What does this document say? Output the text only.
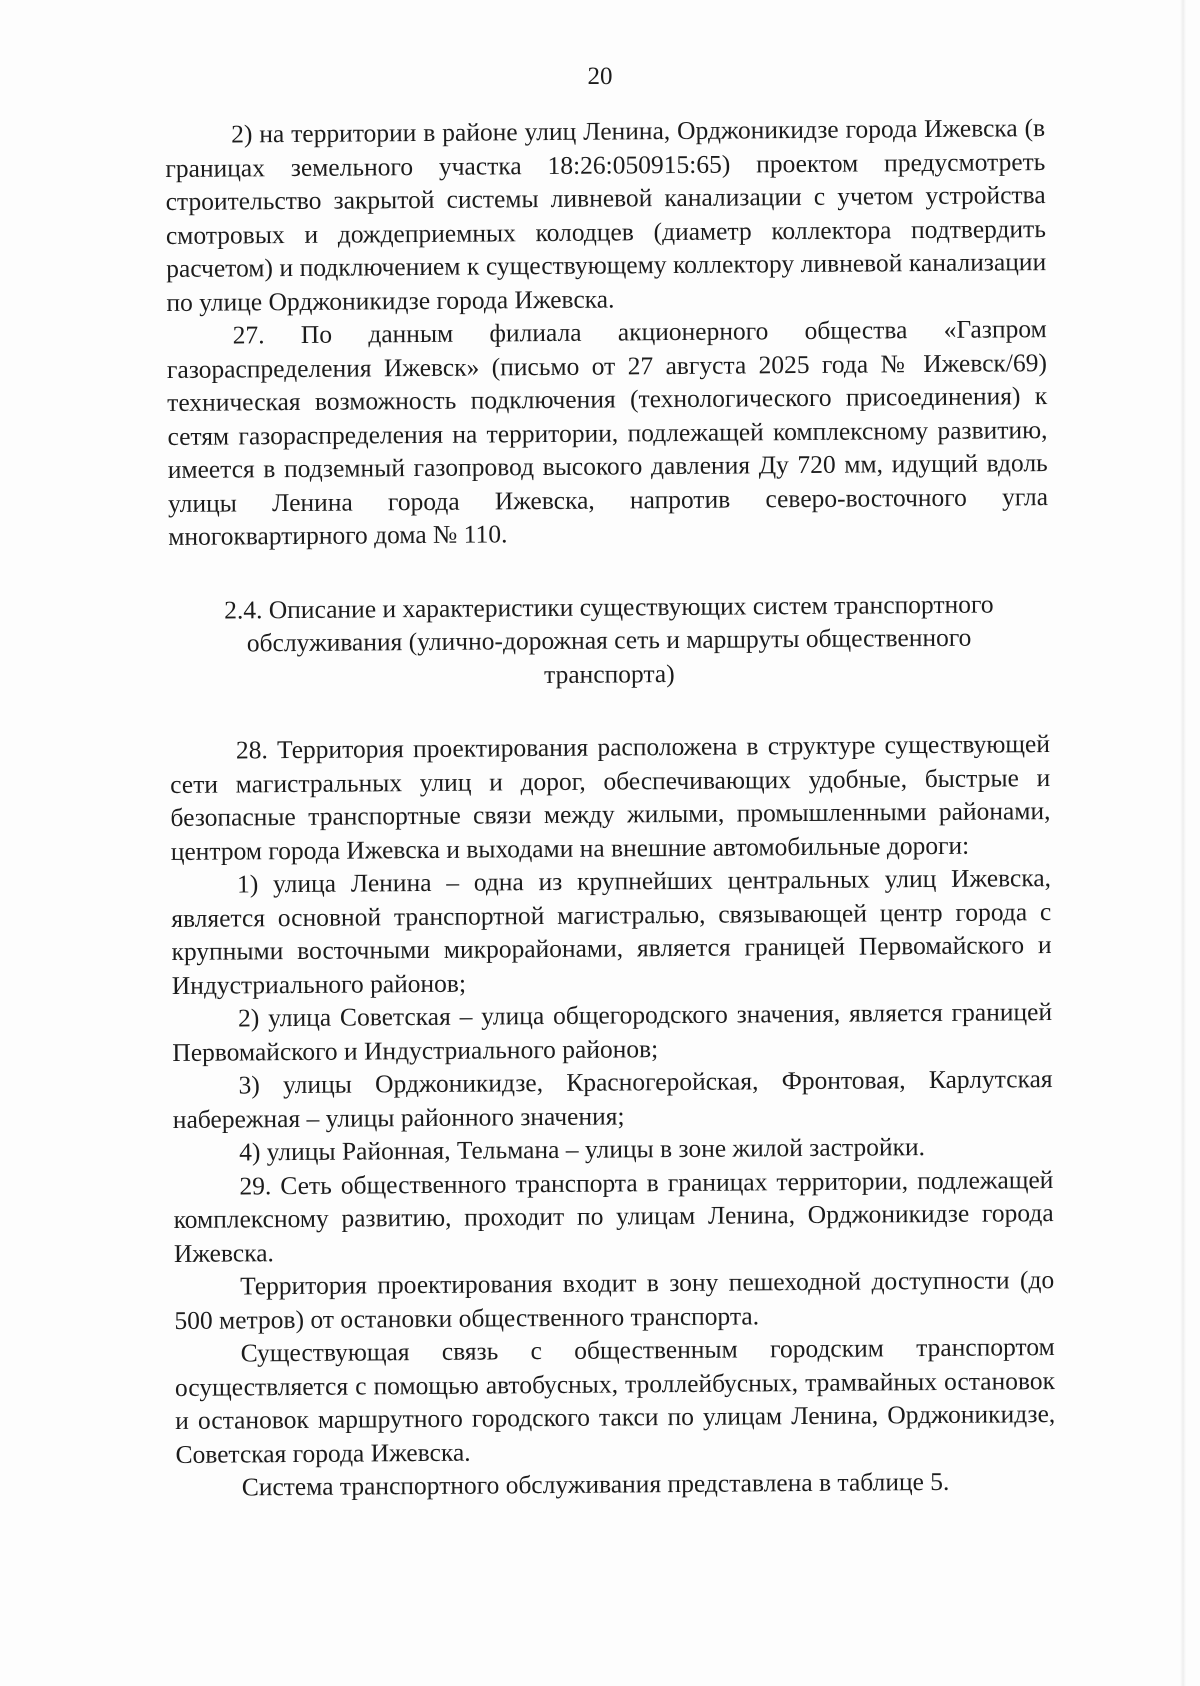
20

2) на территории в районе улиц Ленина, Орджоникидзе города Ижевска (в границах земельного участка 18:26:050915:65) проектом предусмотреть строительство закрытой системы ливневой канализации с учетом устройства смотровых и дождеприемных колодцев (диаметр коллектора подтвердить расчетом) и подключением к существующему коллектору ливневой канализации по улице Орджоникидзе города Ижевска.

27. По данным филиала акционерного общества «Газпром газораспределения Ижевск» (письмо от 27 августа 2025 года № Ижевск/69) техническая возможность подключения (технологического присоединения) к сетям газораспределения на территории, подлежащей комплексному развитию, имеется в подземный газопровод высокого давления Ду 720 мм, идущий вдоль улицы Ленина города Ижевска, напротив северо-восточного угла многоквартирного дома № 110.

2.4. Описание и характеристики существующих систем транспортного обслуживания (улично-дорожная сеть и маршруты общественного транспорта)

28. Территория проектирования расположена в структуре существующей сети магистральных улиц и дорог, обеспечивающих удобные, быстрые и безопасные транспортные связи между жилыми, промышленными районами, центром города Ижевска и выходами на внешние автомобильные дороги:

1) улица Ленина – одна из крупнейших центральных улиц Ижевска, является основной транспортной магистралью, связывающей центр города с крупными восточными микрорайонами, является границей Первомайского и Индустриального районов;

2) улица Советская – улица общегородского значения, является границей Первомайского и Индустриального районов;

3) улицы Орджоникидзе, Красногеройская, Фронтовая, Карлутская набережная – улицы районного значения;

4) улицы Районная, Тельмана – улицы в зоне жилой застройки.

29. Сеть общественного транспорта в границах территории, подлежащей комплексному развитию, проходит по улицам Ленина, Орджоникидзе города Ижевска.

Территория проектирования входит в зону пешеходной доступности (до 500 метров) от остановки общественного транспорта.

Существующая связь с общественным городским транспортом осуществляется с помощью автобусных, троллейбусных, трамвайных остановок и остановок маршрутного городского такси по улицам Ленина, Орджоникидзе, Советская города Ижевска.

Система транспортного обслуживания представлена в таблице 5.
